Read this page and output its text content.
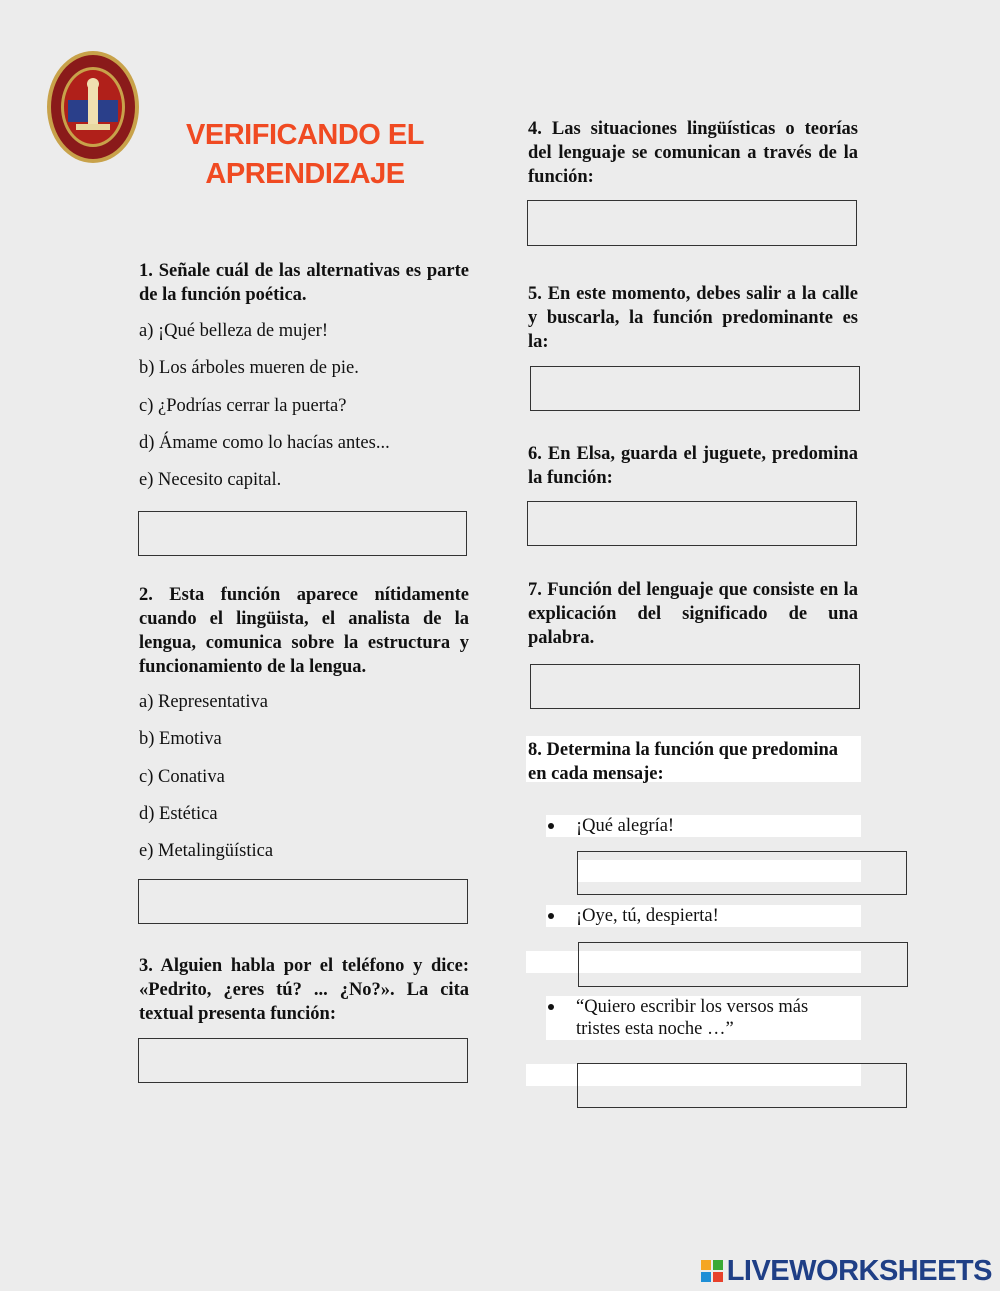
VERIFICANDO EL
APRENDIZAJE
1. Señale cuál de las alternativas es parte de la función poética.
a) ¡Qué belleza de mujer!
b) Los árboles mueren de pie.
c) ¿Podrías cerrar la puerta?
d) Ámame como lo hacías antes...
e) Necesito capital.
2. Esta función aparece nítidamente cuando el lingüista, el analista de la lengua, comunica sobre la estructura y funcionamiento de la lengua.
a) Representativa
b) Emotiva
c) Conativa
d) Estética
e) Metalingüística
3. Alguien habla por el teléfono y dice: «Pedrito, ¿eres tú? ... ¿No?». La cita textual presenta función:
4. Las situaciones lingüísticas o teorías del lenguaje se comunican a través de la función:
5. En este momento, debes salir a la calle y buscarla, la función predominante es la:
6. En Elsa, guarda el juguete, predomina la función:
7. Función del lenguaje que consiste en la explicación del significado de una palabra.
8. Determina la función que predomina en cada mensaje:
¡Qué alegría!
¡Oye, tú, despierta!
“Quiero escribir los versos más tristes esta noche …”
LIVEWORKSHEETS
